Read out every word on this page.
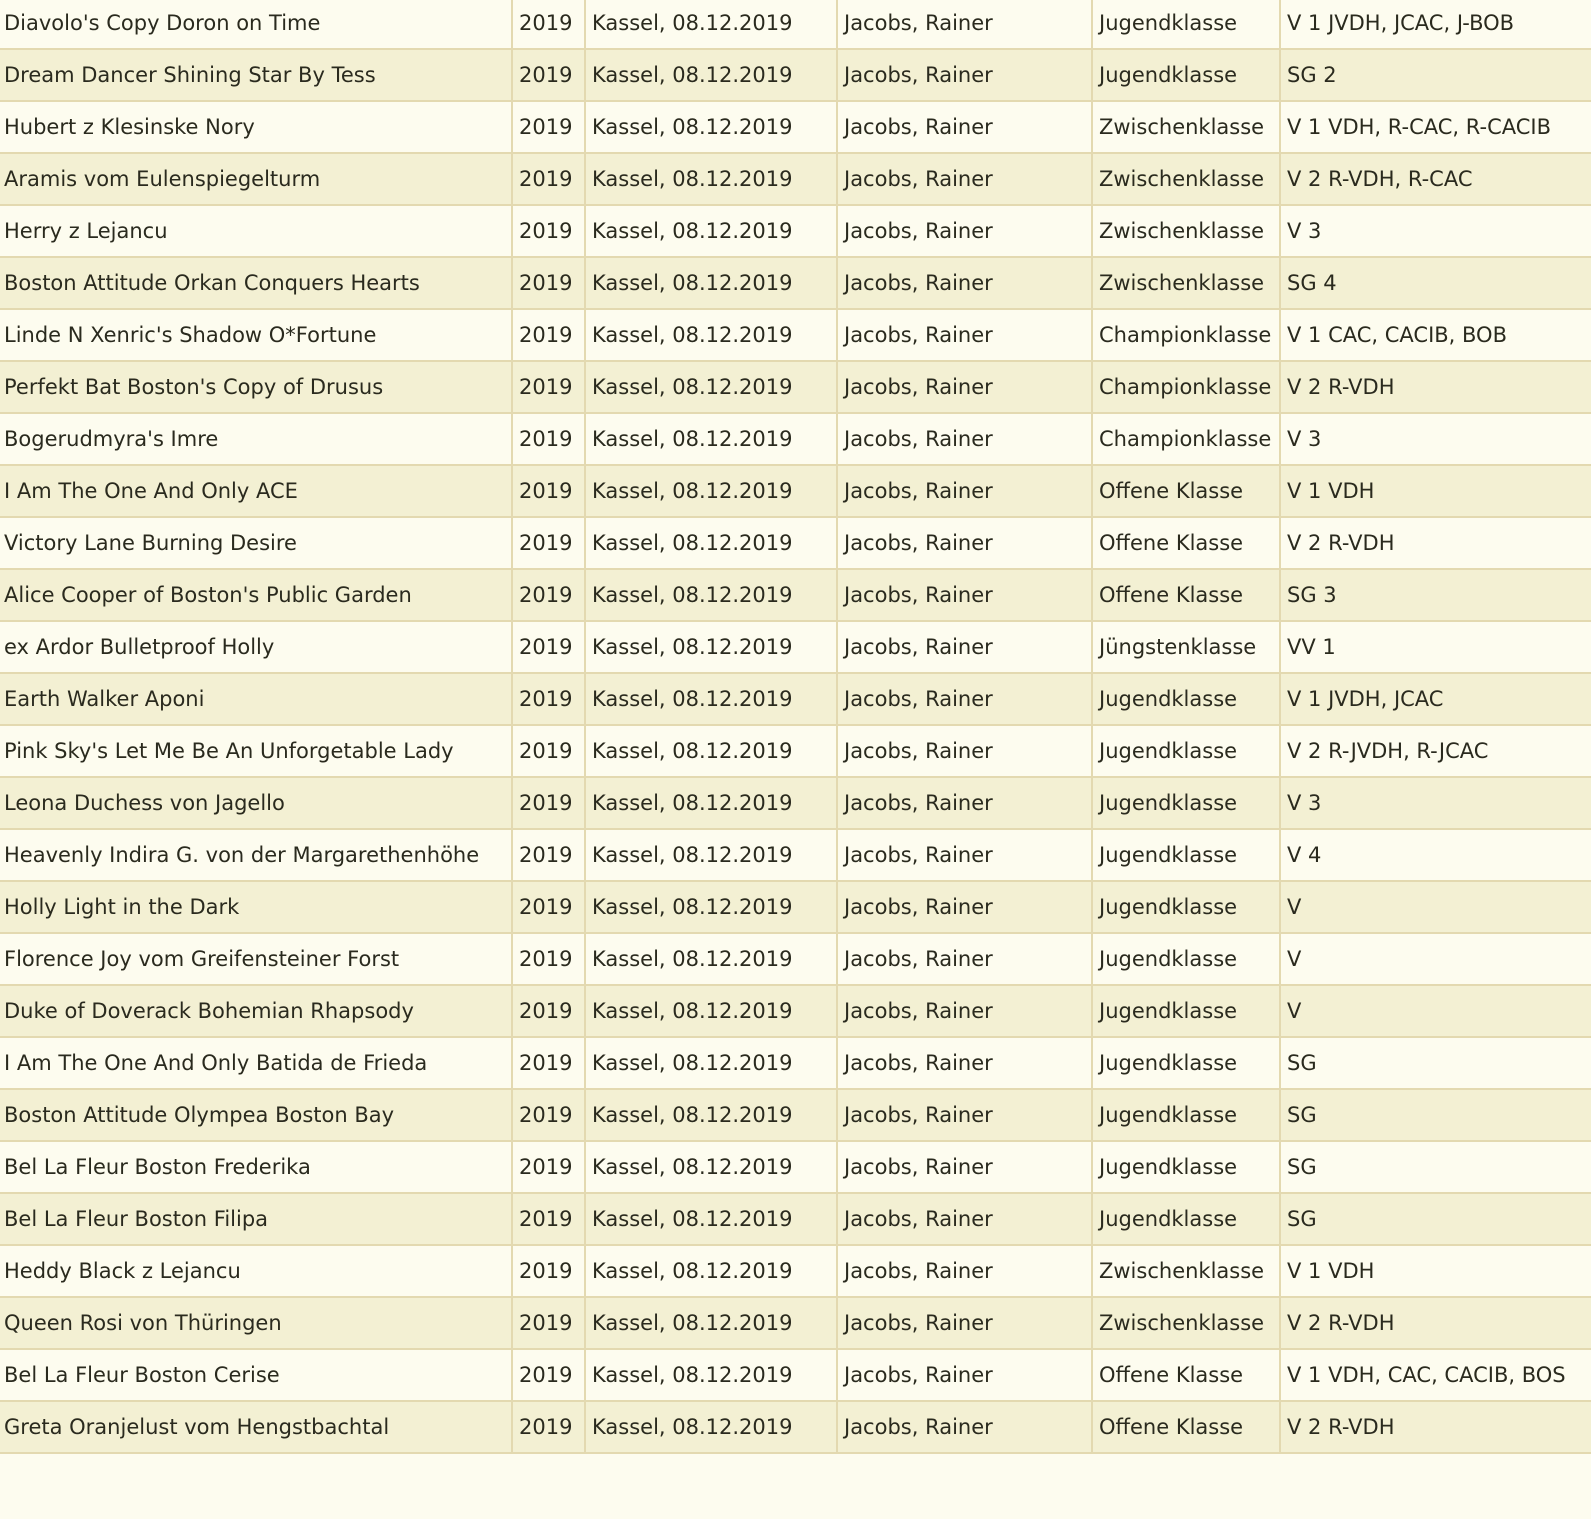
Diavolo's Copy Doron on Time	2019	Kassel, 08.12.2019	Jacobs, Rainer	Jugendklasse	V 1 JVDH, JCAC, J-BOB
Dream Dancer Shining Star By Tess	2019	Kassel, 08.12.2019	Jacobs, Rainer	Jugendklasse	SG 2
Hubert z Klesinske Nory	2019	Kassel, 08.12.2019	Jacobs, Rainer	Zwischenklasse	V 1 VDH, R-CAC, R-CACIB
Aramis vom Eulenspiegelturm	2019	Kassel, 08.12.2019	Jacobs, Rainer	Zwischenklasse	V 2 R-VDH, R-CAC
Herry z Lejancu	2019	Kassel, 08.12.2019	Jacobs, Rainer	Zwischenklasse	V 3
Boston Attitude Orkan Conquers Hearts	2019	Kassel, 08.12.2019	Jacobs, Rainer	Zwischenklasse	SG 4
Linde N Xenric's Shadow O*Fortune	2019	Kassel, 08.12.2019	Jacobs, Rainer	Championklasse	V 1 CAC, CACIB, BOB
Perfekt Bat Boston's Copy of Drusus	2019	Kassel, 08.12.2019	Jacobs, Rainer	Championklasse	V 2 R-VDH
Bogerudmyra's Imre	2019	Kassel, 08.12.2019	Jacobs, Rainer	Championklasse	V 3
I Am The One And Only ACE	2019	Kassel, 08.12.2019	Jacobs, Rainer	Offene Klasse	V 1 VDH
Victory Lane Burning Desire	2019	Kassel, 08.12.2019	Jacobs, Rainer	Offene Klasse	V 2 R-VDH
Alice Cooper of Boston's Public Garden	2019	Kassel, 08.12.2019	Jacobs, Rainer	Offene Klasse	SG 3
ex Ardor Bulletproof Holly	2019	Kassel, 08.12.2019	Jacobs, Rainer	Jüngstenklasse	VV 1
Earth Walker Aponi	2019	Kassel, 08.12.2019	Jacobs, Rainer	Jugendklasse	V 1 JVDH, JCAC
Pink Sky's Let Me Be An Unforgetable Lady	2019	Kassel, 08.12.2019	Jacobs, Rainer	Jugendklasse	V 2 R-JVDH, R-JCAC
Leona Duchess von Jagello	2019	Kassel, 08.12.2019	Jacobs, Rainer	Jugendklasse	V 3
Heavenly Indira G. von der Margarethenhöhe	2019	Kassel, 08.12.2019	Jacobs, Rainer	Jugendklasse	V 4
Holly Light in the Dark	2019	Kassel, 08.12.2019	Jacobs, Rainer	Jugendklasse	V
Florence Joy vom Greifensteiner Forst	2019	Kassel, 08.12.2019	Jacobs, Rainer	Jugendklasse	V
Duke of Doverack Bohemian Rhapsody	2019	Kassel, 08.12.2019	Jacobs, Rainer	Jugendklasse	V
I Am The One And Only Batida de Frieda	2019	Kassel, 08.12.2019	Jacobs, Rainer	Jugendklasse	SG
Boston Attitude Olympea Boston Bay	2019	Kassel, 08.12.2019	Jacobs, Rainer	Jugendklasse	SG
Bel La Fleur Boston Frederika	2019	Kassel, 08.12.2019	Jacobs, Rainer	Jugendklasse	SG
Bel La Fleur Boston Filipa	2019	Kassel, 08.12.2019	Jacobs, Rainer	Jugendklasse	SG
Heddy Black z Lejancu	2019	Kassel, 08.12.2019	Jacobs, Rainer	Zwischenklasse	V 1 VDH
Queen Rosi von Thüringen	2019	Kassel, 08.12.2019	Jacobs, Rainer	Zwischenklasse	V 2 R-VDH
Bel La Fleur Boston Cerise	2019	Kassel, 08.12.2019	Jacobs, Rainer	Offene Klasse	V 1 VDH, CAC, CACIB, BOS
Greta Oranjelust vom Hengstbachtal	2019	Kassel, 08.12.2019	Jacobs, Rainer	Offene Klasse	V 2 R-VDH
